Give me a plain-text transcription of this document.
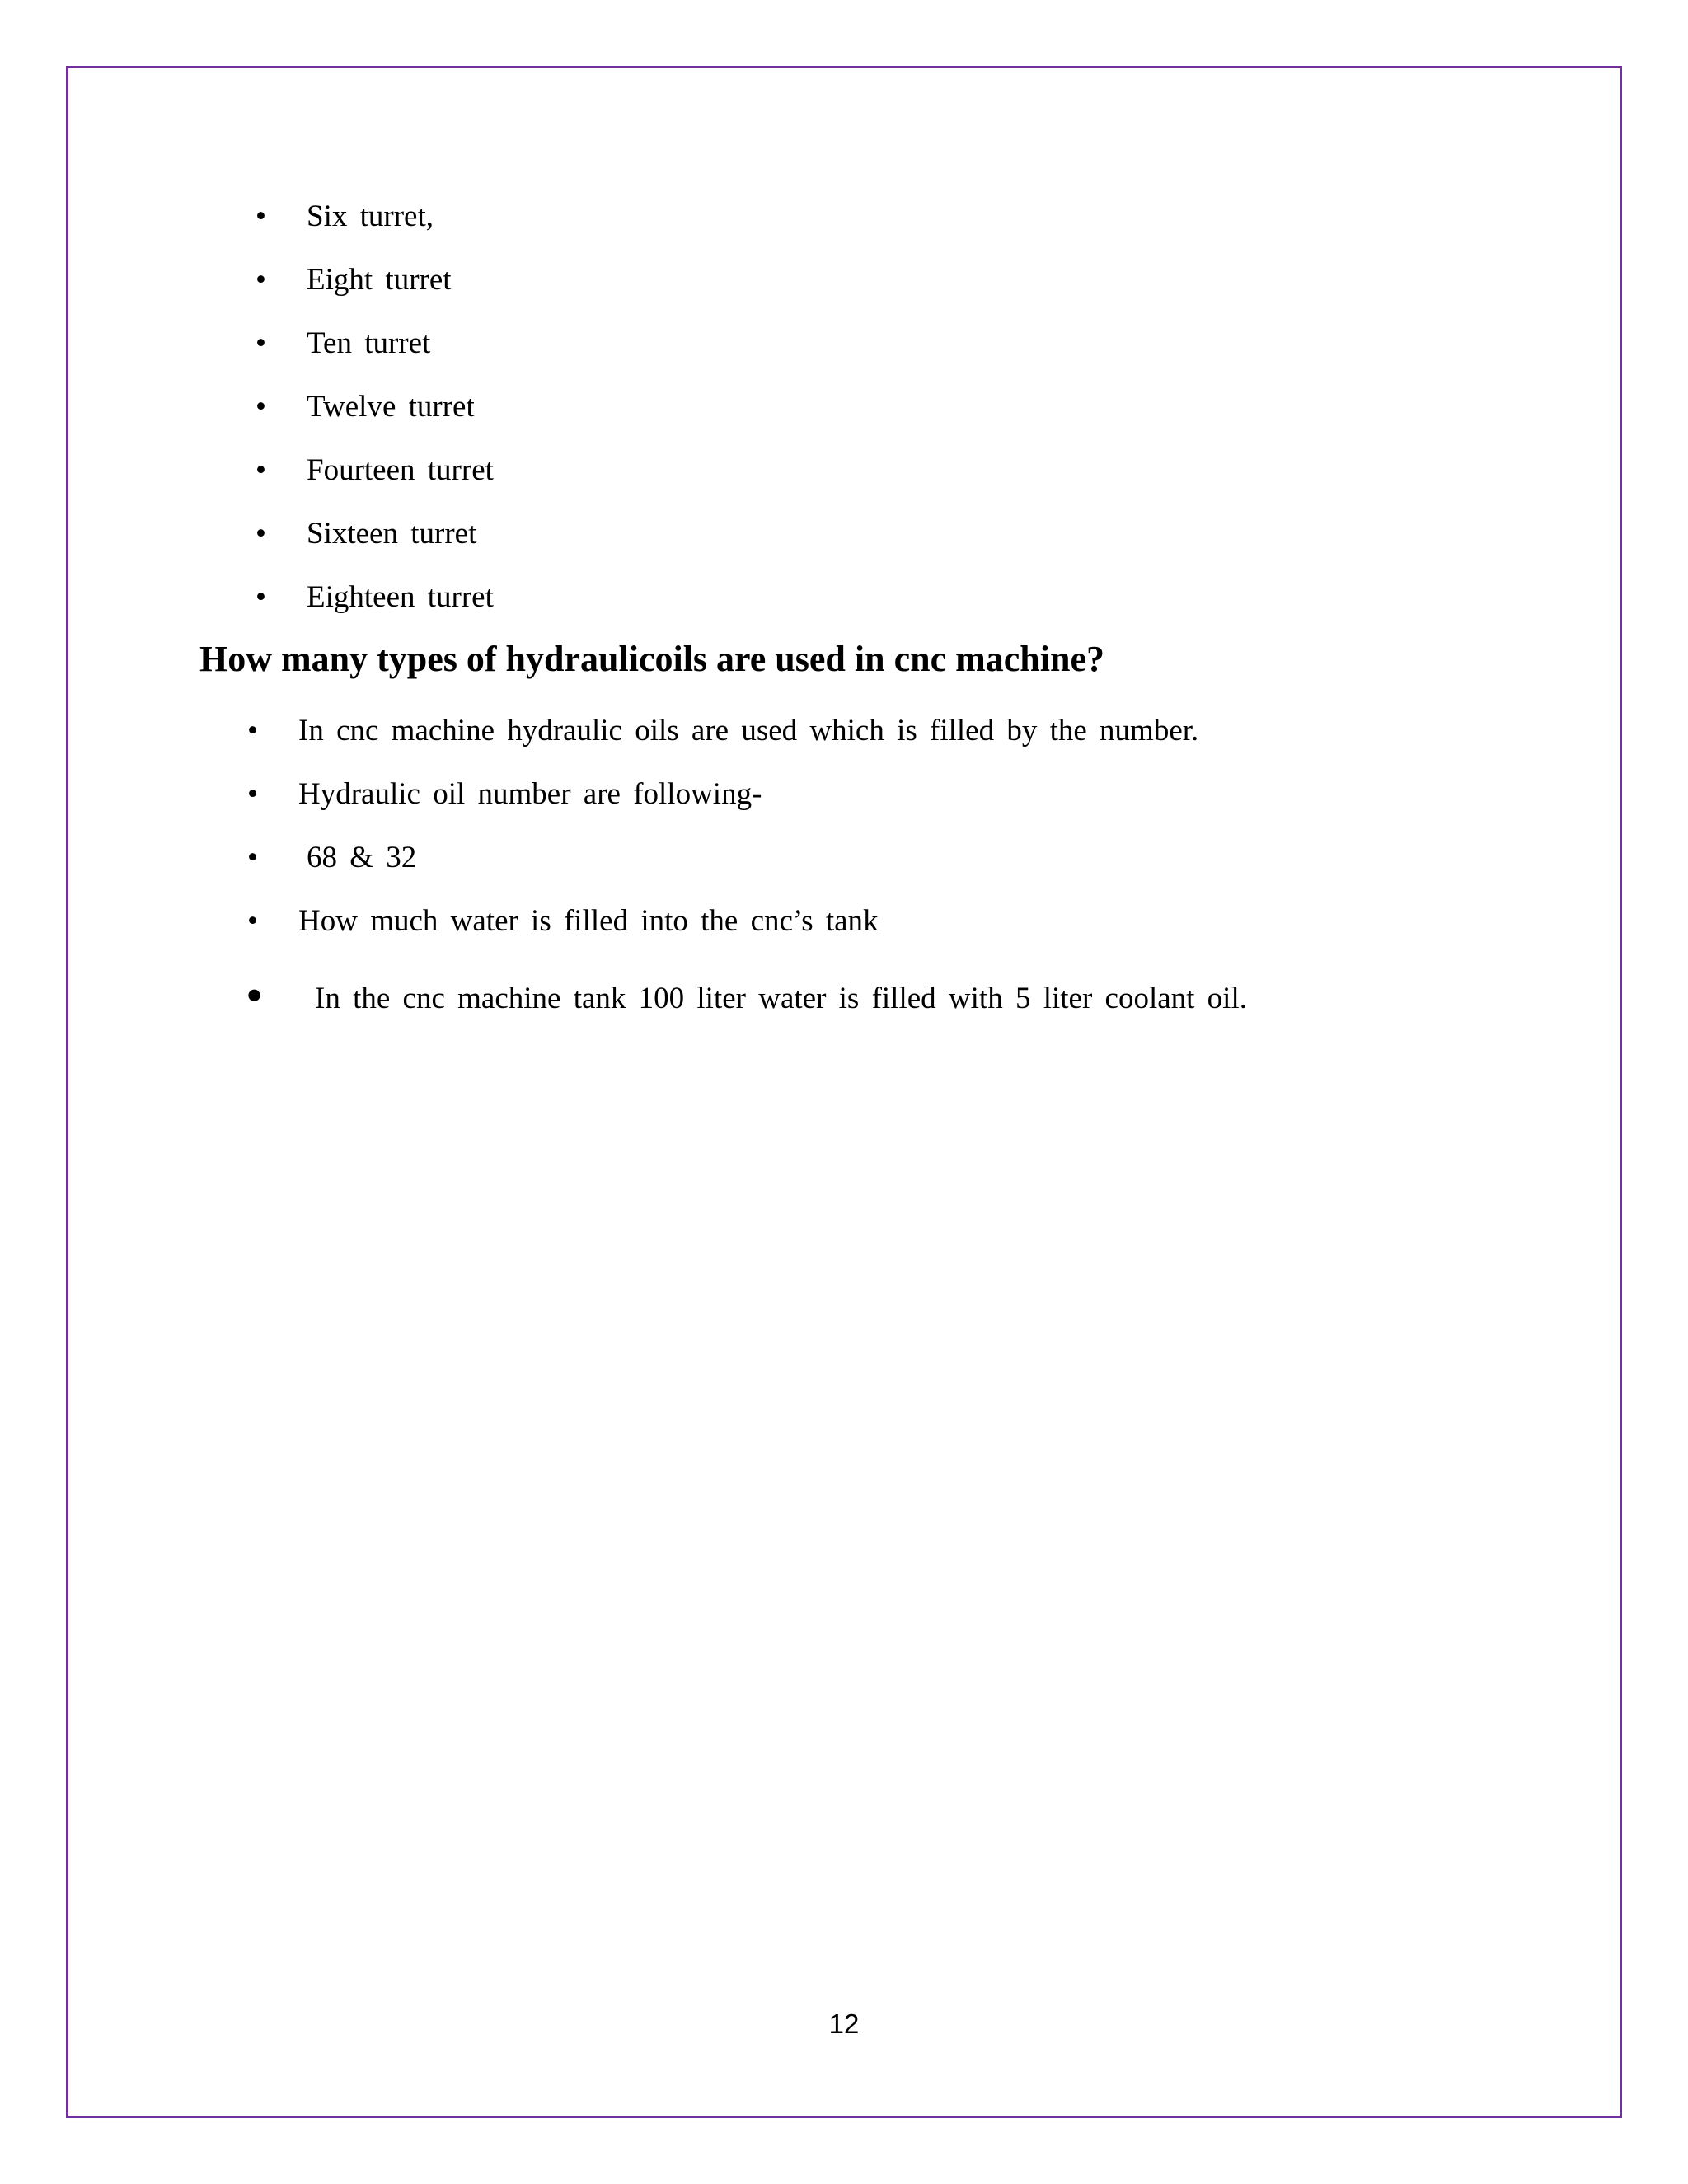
• Six turret,
• Eight turret
• Ten turret
• Twelve turret
• Fourteen turret
• Sixteen turret
• Eighteen turret
How many types of hydraulicoils are used in cnc machine?
• In cnc machine hydraulic oils are used which is filled by the number.
• Hydraulic oil number are following-
• 68 & 32
• How much water is filled into the cnc’s tank
• In the cnc machine tank 100 liter water is filled with 5 liter coolant oil.
12
